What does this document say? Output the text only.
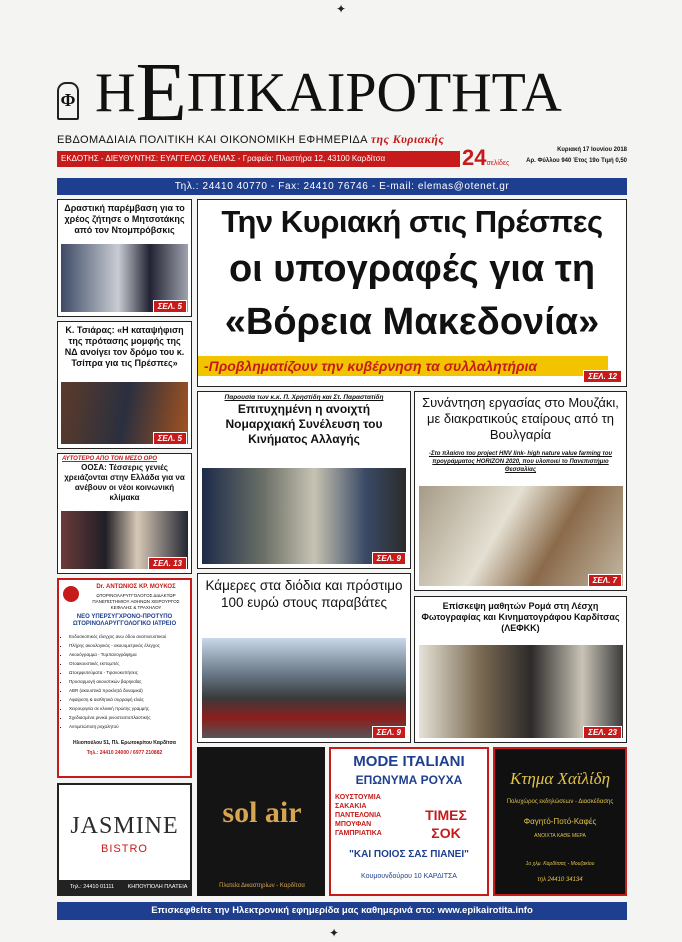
✦
✦
Φ ΗΕΠΙΚΑΙΡΟΤΗΤΑ
ΕΒΔΟΜΑΔΙΑΙΑ ΠΟΛΙΤΙΚΗ ΚΑΙ ΟΙΚΟΝΟΜΙΚΗ ΕΦΗΜΕΡΙΔΑ της Κυριακής
ΕΚΔΟΤΗΣ - ΔΙΕΥΘΥΝΤΗΣ: ΕΥΑΓΓΕΛΟΣ ΛΕΜΑΣ - Γραφεία: Πλαστήρα 12, 43100 Καρδίτσα	24σελίδες
Κυριακή 17 Ιουνίου 2018
Αρ. Φύλλου 940 Έτος 19ο Τιμή 0,50
Τηλ.: 24410 40770 - Fax: 24410 76746 - E-mail: elemas@otenet.gr
Δραστική παρέμβαση για το χρέος ζήτησε ο Μητσοτάκης από τον Ντομπρόβσκις
ΣΕΛ. 5
Κ. Τσιάρας: «Η καταψήφιση της πρότασης μομφής της ΝΔ ανοίγει τον δρόμο του κ. Τσίπρα για τις Πρέσπες»
ΣΕΛ. 5
ΑΥΤΟΤΕΡΟ ΑΠΟ ΤΟΝ ΜΕΣΟ ΟΡΟ
ΟΟΣΑ: Τέσσερις γενιές χρειάζονται στην Ελλάδα για να ανέβουν οι νέοι κοινωνική κλίμακα
ΣΕΛ. 13
Την Κυριακή στις Πρέσπες
οι υπογραφές για τη
«Βόρεια Μακεδονία»
-Προβληματίζουν την κυβέρνηση τα συλλαλητήρια
ΣΕΛ. 12
Παρουσία των κ.κ. Π. Χρηστίδη και Στ. Παραστατίδη
Επιτυχημένη η ανοιχτή Νομαρχιακή Συνέλευση του Κινήματος Αλλαγής
ΣΕΛ. 9
Συνάντηση εργασίας στο Μουζάκι, με διακρατικούς εταίρους από τη Βουλγαρία
-Στο πλαίσιο του project HNV link- high nature value farming του προγράμματος HORIZON 2020, που υλοποιεί το Πανεπιστήμιο Θεσσαλίας
ΣΕΛ. 7
Κάμερες στα διόδια και πρόστιμο 100 ευρώ στους παραβάτες
ΣΕΛ. 9
Επίσκεψη μαθητών Ρομά στη Λέσχη Φωτογραφίας και Κινηματογράφου Καρδίτσας (ΛΕΦΚΚ)
ΣΕΛ. 23
Dr. ΑΝΤΩΝΙΟΣ ΚΡ. ΜΟΥΚΟΣ
ΩΤΟΡΙΝΟΛΑΡΥΓΓΟΛΟΓΟΣ ΔΙΔΑΚΤΩΡ ΠΑΝΕΠΙΣΤΗΜΙΟΥ ΑΘΗΝΩΝ ΧΕΙΡΟΥΡΓΟΣ ΚΕΦΑΛΗΣ & ΤΡΑΧΗΛΟΥ
ΝΕΟ ΥΠΕΡΣΥΓΧΡΟΝΟ-ΠΡΟΤΥΠΟ ΩΤΟΡΙΝΟΛΑΡΥΓΓΟΛΟΓΙΚΟ ΙΑΤΡΕΙΟ
▪ Ενδοσκοπικός έλεγχος ανω όδου αναπνευστικού
▪ Πλήρης ακοολογικός - ακουομετρικός έλεγχος
▪ Ακουόγραμμα - Τυμπανογράφημα
▪ Οτοακουστικές εκπομπές
▪ Ωτοεμφυτεύματα - Τιρανοκοπήσεις
▪ Προσαρμογή ακουστικών βαρηκοΐας
▪ ABR (ακουστικά προκλητά δυναμικά)
▪ Αφαίρεση & αισθητικά συρραφή ελιάς
▪ Χειρουργεία σε κλινική πρώτης γραμμής
▪ Σχεδιασμένα ρινικά ρινοστεατοπλαστικής
▪ Αντιμετώπιση ροχαλητού
Ηλιοπούλου 51, Πλ. Ερωτοκρίτου Καρδίτσα
Τηλ.: 24410 24000 / 6977 210882
JASMINE
BISTRO
Τηλ.: 24410 01111	ΚΗΠΟΥΠΟΛΗ ΠΛΑΤΕΙΑ
sol air
Πλατεία Δικαστηρίων - Καρδίτσα
MODE ITALIANI
ΕΠΩΝΥΜΑ ΡΟΥΧΑ
ΚΟΥΣΤΟΥΜΙΑ
ΣΑΚΑΚΙΑ
ΠΑΝΤΕΛΟΝΙΑ
ΜΠΟΥΦΑΝ
ΓΑΜΠΡΙΑΤΙΚΑ
ΤΙΜΕΣ
ΣΟΚ
"ΚΑΙ ΠΟΙΟΣ ΣΑΣ ΠΙΑΝΕΙ"
Κουμουνδούρου 10 ΚΑΡΔΙΤΣΑ
Κτημα Χαϊλίδη
Πολυχώρος εκδηλώσεων - Διασκέδασης
Φαγητό-Ποτό-Καφές
ΑΝΟΙΧΤΑ ΚΑΘΕ ΜΕΡΑ
1ο χλμ. Καρδίτσας - Μουζακίου
τηλ 24410 34134
Επισκεφθείτε την Ηλεκτρονική εφημερίδα μας καθημερινά στο: www.epikairotita.info
